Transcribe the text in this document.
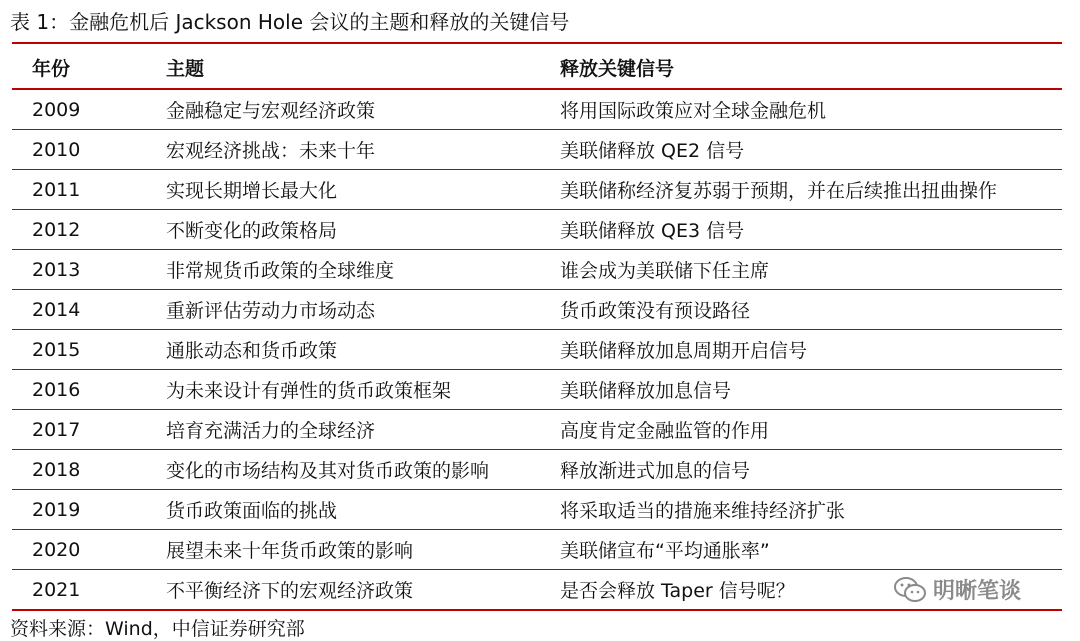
表 1：金融危机后 Jackson Hole 会议的主题和释放的关键信号
年份	主题	释放关键信号
2009	金融稳定与宏观经济政策	将用国际政策应对全球金融危机
2010	宏观经济挑战：未来十年	美联储释放 QE2 信号
2011	实现长期增长最大化	美联储称经济复苏弱于预期，并在后续推出扭曲操作
2012	不断变化的政策格局	美联储释放 QE3 信号
2013	非常规货币政策的全球维度	谁会成为美联储下任主席
2014	重新评估劳动力市场动态	货币政策没有预设路径
2015	通胀动态和货币政策	美联储释放加息周期开启信号
2016	为未来设计有弹性的货币政策框架	美联储释放加息信号
2017	培育充满活力的全球经济	高度肯定金融监管的作用
2018	变化的市场结构及其对货币政策的影响	释放渐进式加息的信号
2019	货币政策面临的挑战	将采取适当的措施来维持经济扩张
2020	展望未来十年货币政策的影响	美联储宣布“平均通胀率”
2021	不平衡经济下的宏观经济政策	是否会释放 Taper 信号呢？	明晰笔谈
资料来源：Wind，中信证券研究部
